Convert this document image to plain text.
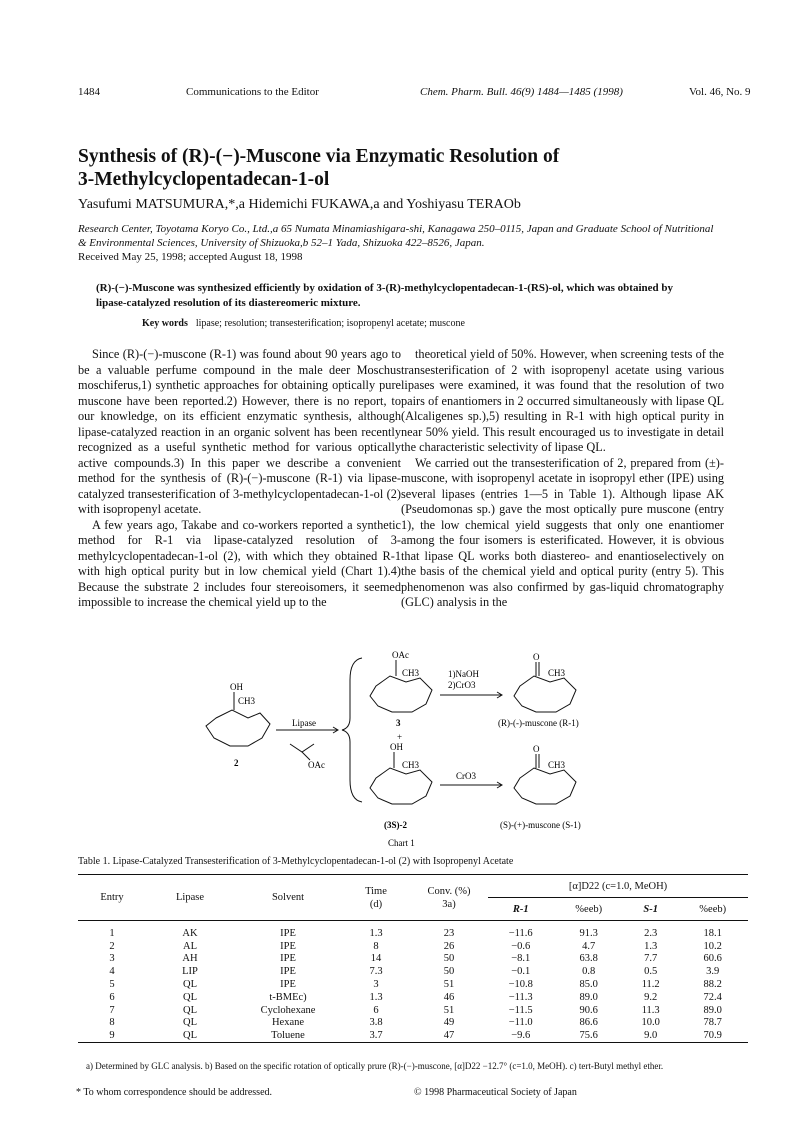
1484	Communications to the Editor	Chem. Pharm. Bull. 46(9) 1484—1485 (1998)	Vol. 46, No. 9
Synthesis of (R)-(−)-Muscone via Enzymatic Resolution of
3-Methylcyclopentadecan-1-ol
Yasufumi MATSUMURA,*,a Hidemichi FUKAWA,a and Yoshiyasu TERAOb
Research Center, Toyotama Koryo Co., Ltd.,a 65 Numata Minamiashigara-shi, Kanagawa 250–0115, Japan and Graduate School of Nutritional & Environmental Sciences, University of Shizuoka,b 52–1 Yada, Shizuoka 422–8526, Japan.
Received May 25, 1998; accepted August 18, 1998
(R)-(−)-Muscone was synthesized efficiently by oxidation of 3-(R)-methylcyclopentadecan-1-(RS)-ol, which was obtained by lipase-catalyzed resolution of its diastereomeric mixture.
Key words lipase; resolution; transesterification; isopropenyl acetate; muscone

Since (R)-(−)-muscone (R-1) was found about 90 years ago to be a valuable perfume compound in the male deer Moschus moschiferus,1) synthetic approaches for obtaining optically pure muscone have been reported.2) However, there is no report, to our knowledge, on its efficient enzymatic synthesis, although lipase-catalyzed reaction in an organic solvent has been recently recognized as a useful synthetic method for various optically active compounds.3) In this paper we describe a convenient method for the synthesis of (R)-(−)-muscone (R-1) via lipase-catalyzed transesterification of 3-methylcyclopentadecan-1-ol (2) with isopropenyl acetate.

A few years ago, Takabe and co-workers reported a synthetic method for R-1 via lipase-catalyzed resolution of 3-methylcyclopentadecan-1-ol (2), with which they obtained R-1 with high optical purity but in low chemical yield (Chart 1).4) Because the substrate 2 includes four stereoisomers, it seemed impossible to increase the chemical yield up to the

theoretical yield of 50%. However, when screening tests of the transesterification of 2 with isopropenyl acetate using various lipases were examined, it was found that the resolution of two pairs of enantiomers in 2 occurred simultaneously with lipase QL (Alcaligenes sp.),5) resulting in R-1 with high optical purity in near 50% yield. This result encouraged us to investigate in detail the characteristic selectivity of lipase QL.

We carried out the transesterification of 2, prepared from (±)-muscone, with isopropenyl acetate in isopropyl ether (IPE) using several lipases (entries 1—5 in Table 1). Although lipase AK (Pseudomonas sp.) gave the most optically pure muscone (entry 1), the low chemical yield suggests that only one enantiomer among the four isomers is esterificated. However, it is obvious that lipase QL works both diastereo- and enantioselectively on the basis of the chemical yield and optical purity (entry 5). This phenomenon was also confirmed by gas-liquid chromatography (GLC) analysis in the

OH
CH3
Lipase
2	OAc
OAc
CH3	1)NaOH
2)CrO3
3
+
O
CH3
(R)-(-)-muscone (R-1)
OH
CH3
CrO3
O
CH3
(3S)-2	(S)-(+)-muscone (S-1)
Chart 1
Table 1. Lipase-Catalyzed Transesterification of 3-Methylcyclopentadecan-1-ol (2) with Isopropenyl Acetate
Entry	Lipase	Solvent	Time
(d)	Conv. (%)
3a)	[α]D22 (c=1.0, MeOH)			
					R-1	%eeb)	S-1	%eeb)
1	AK	IPE	1.3	23	−11.6	91.3	2.3	18.1
2	AL	IPE	8	26	−0.6	4.7	1.3	10.2
3	AH	IPE	14	50	−8.1	63.8	7.7	60.6
4	LIP	IPE	7.3	50	−0.1	0.8	0.5	3.9
5	QL	IPE	3	51	−10.8	85.0	11.2	88.2
6	QL	t-BMEc)	1.3	46	−11.3	89.0	9.2	72.4
7	QL	Cyclohexane	6	51	−11.5	90.6	11.3	89.0
8	QL	Hexane	3.8	49	−11.0	86.6	10.0	78.7
9	QL	Toluene	3.7	47	−9.6	75.6	9.0	70.9
a) Determined by GLC analysis. b) Based on the specific rotation of optically prure (R)-(−)-muscone, [α]D22 −12.7° (c=1.0, MeOH). c) tert-Butyl methyl ether.
* To whom correspondence should be addressed.	© 1998 Pharmaceutical Society of Japan
